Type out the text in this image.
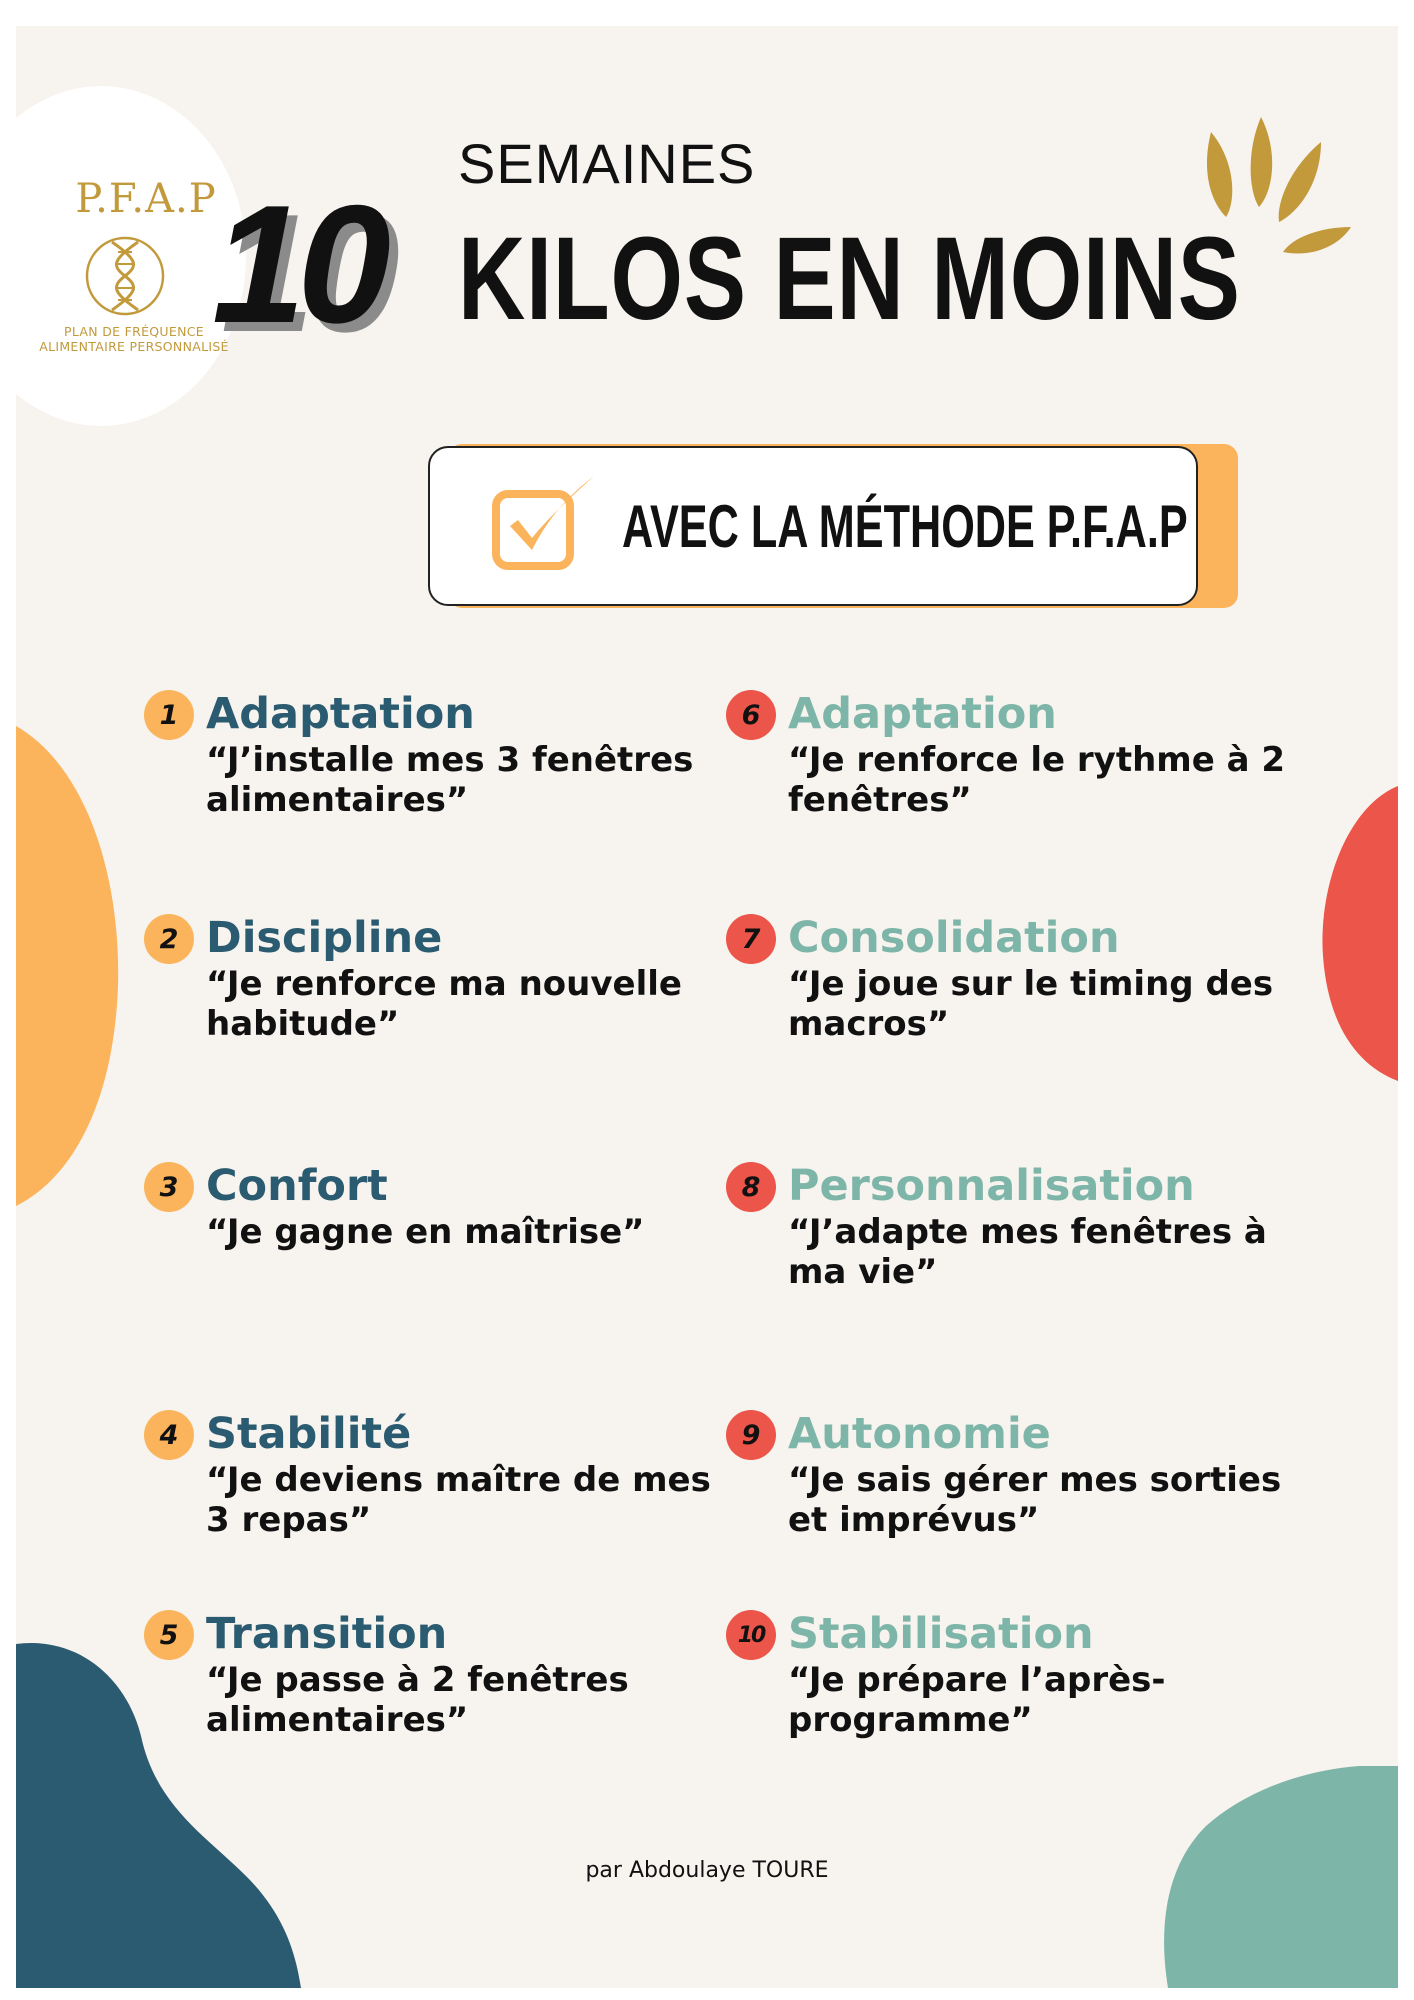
P.F.A.P
PLAN DE FRÉQUENCE
ALIMENTAIRE PERSONNALISÉ
SEMAINES
10 KILOS EN MOINS
AVEC LA MÉTHODE P.F.A.P
1 Adaptation
“J’installe mes 3 fenêtres alimentaires”
2 Discipline
“Je renforce ma nouvelle habitude”
3 Confort
“Je gagne en maîtrise”
4 Stabilité
“Je deviens maître de mes 3 repas”
5 Transition
“Je passe à 2 fenêtres alimentaires”
6 Adaptation
“Je renforce le rythme à 2 fenêtres”
7 Consolidation
“Je joue sur le timing des macros”
8 Personnalisation
“J’adapte mes fenêtres à ma vie”
9 Autonomie
“Je sais gérer mes sorties et imprévus”
10 Stabilisation
“Je prépare l’après-programme”
par Abdoulaye TOURE
